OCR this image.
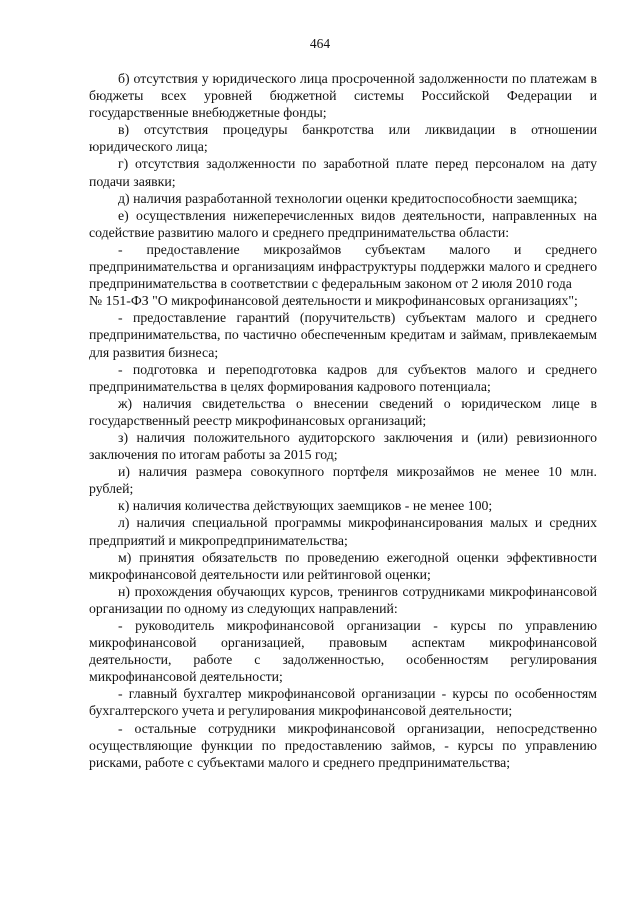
464

б) отсутствия у юридического лица просроченной задолженности по платежам в бюджеты всех уровней бюджетной системы Российской Федерации и государственные внебюджетные фонды;

в) отсутствия процедуры банкротства или ликвидации в отношении юридического лица;

г) отсутствия задолженности по заработной плате перед персоналом на дату подачи заявки;

д) наличия разработанной технологии оценки кредитоспособности заемщика;

е) осуществления нижеперечисленных видов деятельности, направленных на содействие развитию малого и среднего предпринимательства области:

- предоставление микрозаймов субъектам малого и среднего предпринимательства и организациям инфраструктуры поддержки малого и среднего предпринимательства в соответствии с федеральным законом от 2 июля 2010 года

№ 151-ФЗ "О микрофинансовой деятельности и микрофинансовых организациях";

- предоставление гарантий (поручительств) субъектам малого и среднего предпринимательства, по частично обеспеченным кредитам и займам, привлекаемым для развития бизнеса;

- подготовка и переподготовка кадров для субъектов малого и среднего предпринимательства в целях формирования кадрового потенциала;

ж) наличия свидетельства о внесении сведений о юридическом лице в государственный реестр микрофинансовых организаций;

з) наличия положительного аудиторского заключения и (или) ревизионного заключения по итогам работы за 2015 год;

и) наличия размера совокупного портфеля микрозаймов не менее 10 млн. рублей;

к) наличия количества действующих заемщиков - не менее 100;

л) наличия специальной программы микрофинансирования малых и средних предприятий и микропредпринимательства;

м) принятия обязательств по проведению ежегодной оценки эффективности микрофинансовой деятельности или рейтинговой оценки;

н) прохождения обучающих курсов, тренингов сотрудниками микрофинансовой организации по одному из следующих направлений:

- руководитель микрофинансовой организации - курсы по управлению микрофинансовой организацией, правовым аспектам микрофинансовой деятельности, работе с задолженностью, особенностям регулирования микрофинансовой деятельности;

- главный бухгалтер микрофинансовой организации - курсы по особенностям бухгалтерского учета и регулирования микрофинансовой деятельности;

- остальные сотрудники микрофинансовой организации, непосредственно осуществляющие функции по предоставлению займов, - курсы по управлению рисками, работе с субъектами малого и среднего предпринимательства;
